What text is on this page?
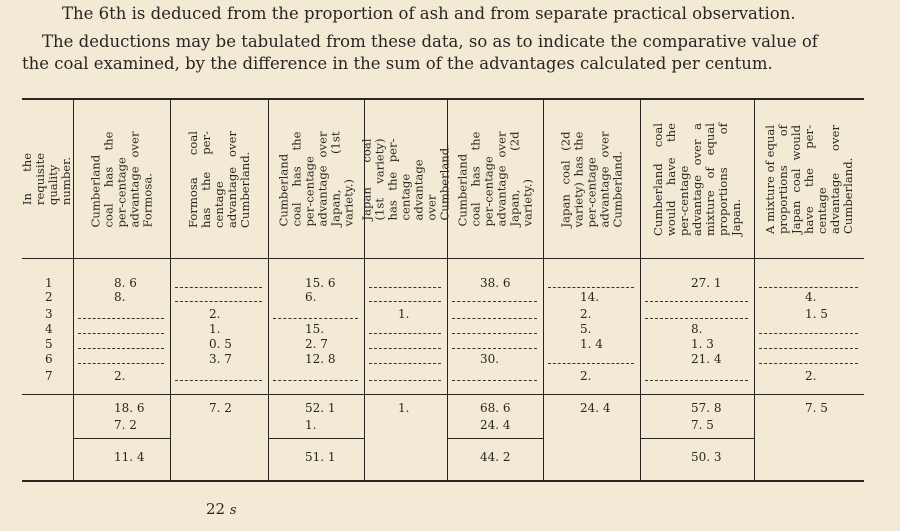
The 6th is deduced from the proportion of ash and from separate practical observation.
The deductions may be tabulated from these data, so as to indicate the comparative value of
the coal examined, by the difference in the sum of the advantages calculated per centum.
In the requisite quality number. Cumberland coal has the per-centage advantage over Formosa.	Formosa coal has the per-centage advantage over Cumberland. Cumberland coal has the per-centage advantage over Japan, (1st variety.) Japan coal (1st variety) has the per-centage advantage over Cumberland. Cumberland coal has the per-centage advantage over Japan, (2d variety.) Japan coal (2d variety) has the per-centage advantage over Cumberland. Cumberland coal would have the per-centage advantage over a mixture of equal proportions of Japan. A mixture of equal proportions of Japan coal would have the per-centage advantage over Cumberland.
1
2
3
4
5
6
7
8. 6
8.
2.
18. 6
7. 2
11. 4
2.
1.
0. 5
3. 7
7. 2
15. 6
6.
15.
2. 7
12. 8
52. 1
1.
51. 1
1.
1.
38. 6
30.
68. 6
24. 4
44. 2
14.
2.
5.
1. 4
2.
24. 4
27. 1
8.
1. 3
21. 4
57. 8
7. 5
50. 3
4.
1. 5
2.
7. 5
22 s
